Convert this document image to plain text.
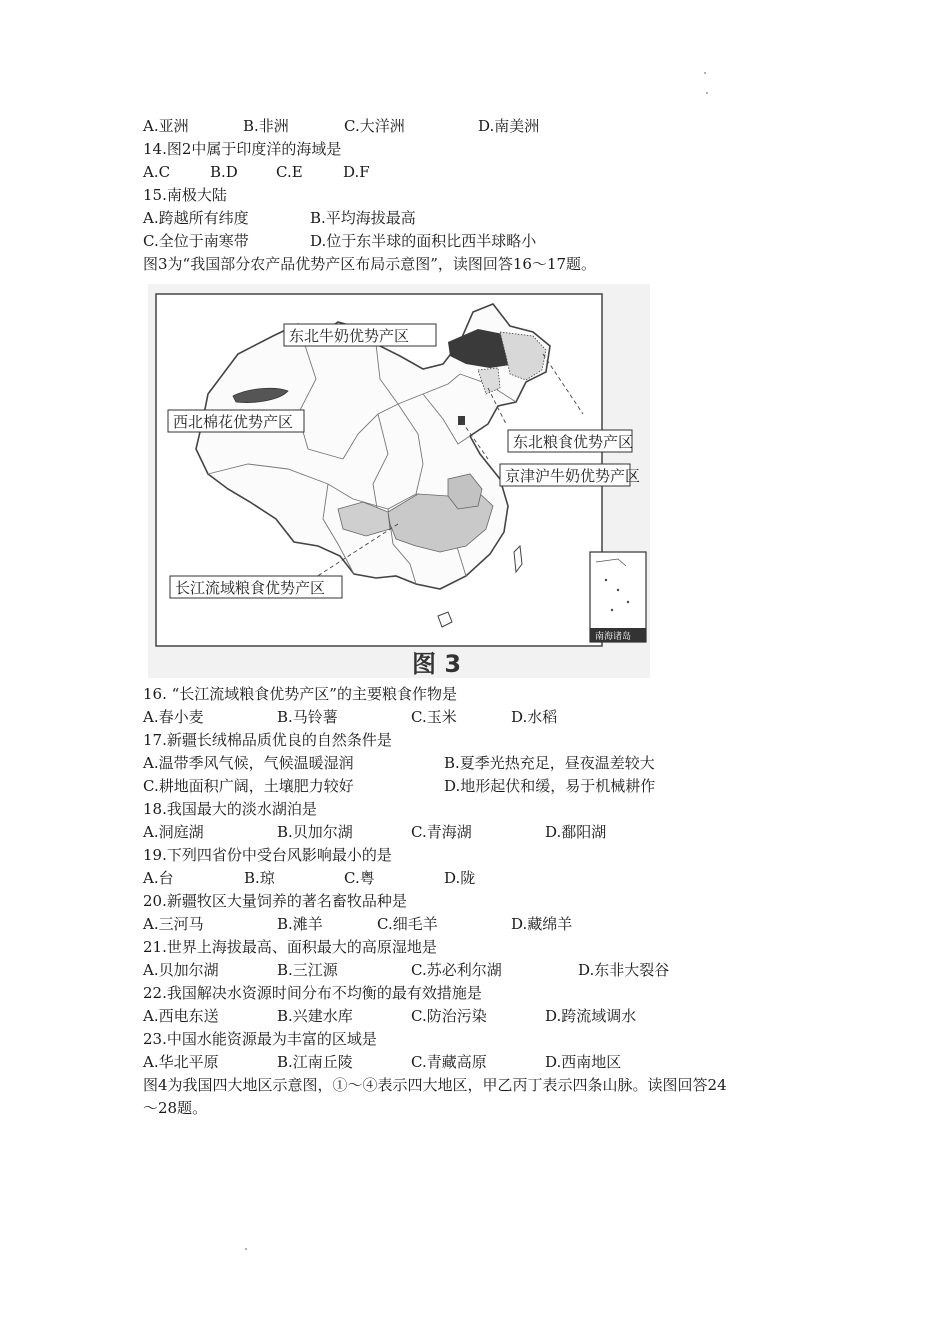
A.亚洲	B.非洲	C.大洋洲	D.南美洲
14.图2中属于印度洋的海域是
A.C	B.D	C.E	D.F
15.南极大陆
A.跨越所有纬度	B.平均海拔最高
C.全位于南寒带	D.位于东半球的面积比西半球略小
图3为“我国部分农产品优势产区布局示意图”，读图回答16～17题。
东北牛奶优势产区
西北棉花优势产区
东北粮食优势产区
京津沪牛奶优势产区
长江流域粮食优势产区
南海诸岛
图 3
16. “长江流域粮食优势产区”的主要粮食作物是
A.春小麦	B.马铃薯	C.玉米	D.水稻
17.新疆长绒棉品质优良的自然条件是
A.温带季风气候，气候温暖湿润	B.夏季光热充足，昼夜温差较大
C.耕地面积广阔，土壤肥力较好	D.地形起伏和缓，易于机械耕作
18.我国最大的淡水湖泊是
A.洞庭湖	B.贝加尔湖	C.青海湖	D.鄱阳湖
19.下列四省份中受台风影响最小的是
A.台	B.琼	C.粤	D.陇
20.新疆牧区大量饲养的著名畜牧品种是
A.三河马	B.滩羊	C.细毛羊	D.藏绵羊
21.世界上海拔最高、面积最大的高原湿地是
A.贝加尔湖	B.三江源	C.苏必利尔湖	D.东非大裂谷
22.我国解决水资源时间分布不均衡的最有效措施是
A.西电东送	B.兴建水库	C.防治污染	D.跨流域调水
23.中国水能资源最为丰富的区域是
A.华北平原	B.江南丘陵	C.青藏高原	D.西南地区
图4为我国四大地区示意图，①～④表示四大地区，甲乙丙丁表示四条山脉。读图回答24
～28题。
